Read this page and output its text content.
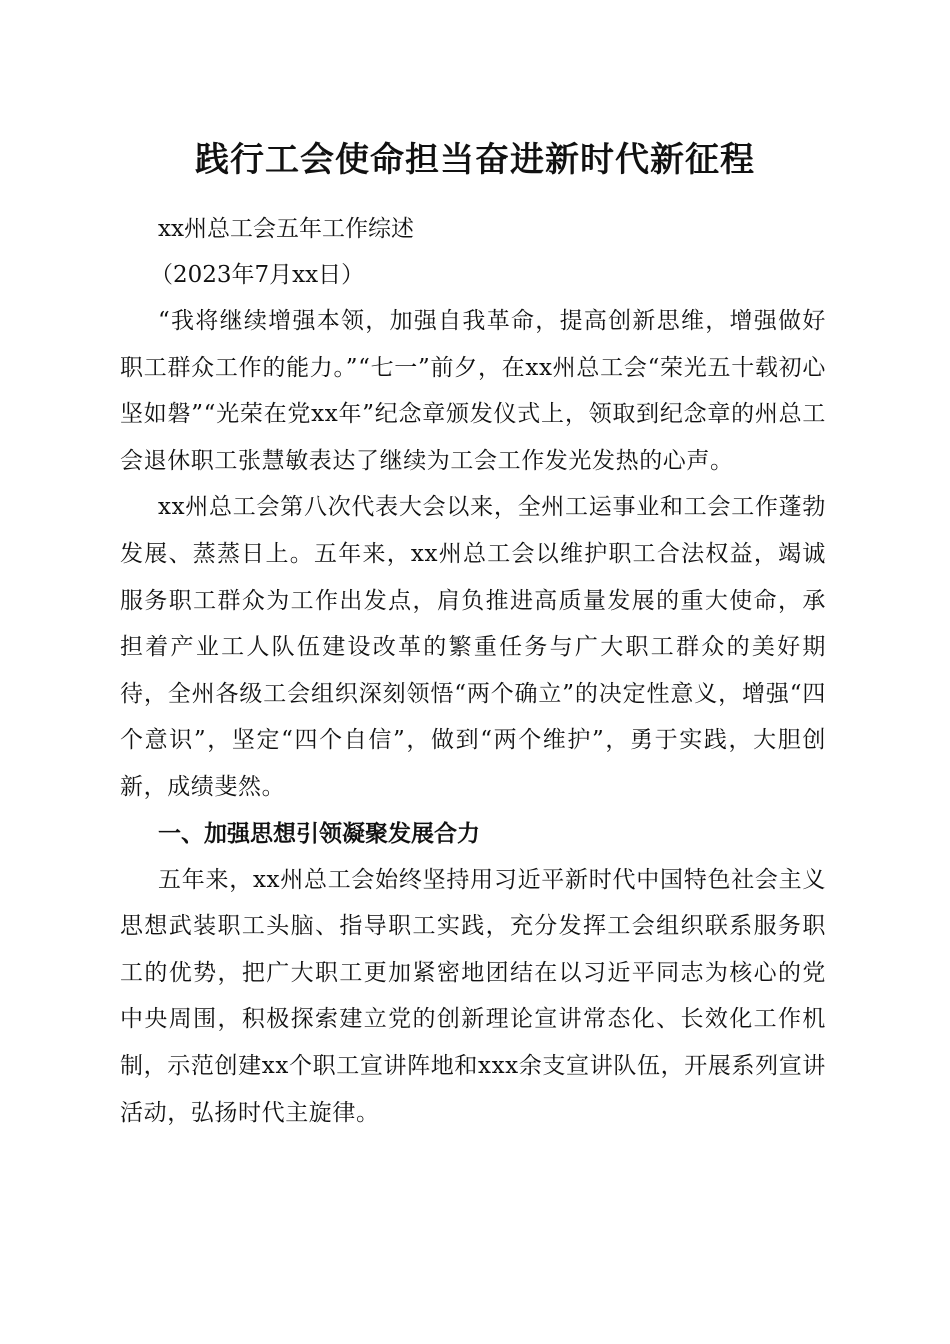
践行工会使命担当奋进新时代新征程

xx州总工会五年工作综述

（2023年7月xx日）

“我将继续增强本领，加强自我革命，提高创新思维，增强做好职工群众工作的能力。”“七一”前夕，在xx州总工会“荣光五十载初心坚如磐”“光荣在党xx年”纪念章颁发仪式上，领取到纪念章的州总工会退休职工张慧敏表达了继续为工会工作发光发热的心声。

xx州总工会第八次代表大会以来，全州工运事业和工会工作蓬勃发展、蒸蒸日上。五年来，xx州总工会以维护职工合法权益，竭诚服务职工群众为工作出发点，肩负推进高质量发展的重大使命，承担着产业工人队伍建设改革的繁重任务与广大职工群众的美好期待，全州各级工会组织深刻领悟“两个确立”的决定性意义，增强“四个意识”，坚定“四个自信”，做到“两个维护”，勇于实践，大胆创新，成绩斐然。

一、加强思想引领凝聚发展合力

五年来，xx州总工会始终坚持用习近平新时代中国特色社会主义思想武装职工头脑、指导职工实践，充分发挥工会组织联系服务职工的优势，把广大职工更加紧密地团结在以习近平同志为核心的党中央周围，积极探索建立党的创新理论宣讲常态化、长效化工作机制，示范创建xx个职工宣讲阵地和xxx余支宣讲队伍，开展系列宣讲活动，弘扬时代主旋律。
